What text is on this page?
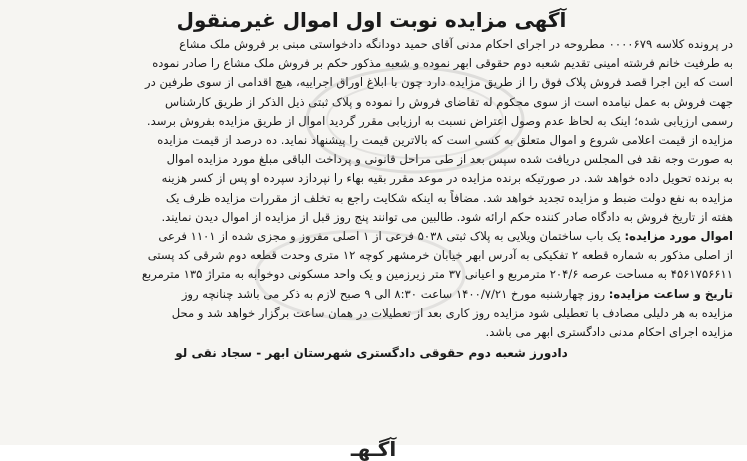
آگهی مزایده نوبت اول اموال غیرمنقول

در پرونده کلاسه ۰۰۰۰۶۷۹ مطروحه در اجرای احکام مدنی آقای حمید دودانگه دادخواستی مبنی بر فروش ملک مشاع

به طرفیت خانم فرشته امینی تقدیم شعبه دوم حقوقی ابهر نموده و شعبه مذکور حکم بر فروش ملک مشاع را صادر نموده

است که این اجرا قصد فروش پلاک فوق را از طریق مزایده دارد چون با ابلاغ اوراق اجراییه، هیچ اقدامی از سوی طرفین در

جهت فروش به عمل نیامده است از سوی محکوم له تقاضای فروش را نموده و پلاک ثبتی ذیل الذکر از طریق کارشناس

رسمی ارزیابی شده؛ اینک به لحاظ عدم وصول اعتراض نسبت به ارزیابی مقرر گردید اموال از طریق مزایده بفروش برسد.

مزایده از قیمت اعلامی شروع و اموال متعلق به کسی است که بالاترین قیمت را پیشنهاد نماید. ده درصد از قیمت مزایده

به صورت وجه نقد فی المجلس دریافت شده سپس بعد از طی مراحل قانونی و پرداخت الباقی مبلغ مورد مزایده اموال

به برنده تحویل داده خواهد شد. در صورتیکه برنده مزایده در موعد مقرر بقیه بهاء را نپردازد سپرده او پس از کسر هزینه

مزایده به نفع دولت ضبط و مزایده تجدید خواهد شد. مضافاً به اینکه شکایت راجع به تخلف از مقررات مزایده ظرف یک

هفته از تاریخ فروش به دادگاه صادر کننده حکم ارائه شود. طالبین می توانند پنج روز قبل از مزایده از اموال دیدن نمایند.

اموال مورد مزایده: یک باب ساختمان ویلایی به پلاک ثبتی ۵۰۳۸ فرعی از ۱ اصلی مفروز و مجزی شده از ۱۱۰۱ فرعی

از اصلی مذکور به شماره قطعه ۲ تفکیکی به آدرس ابهر خیابان خرمشهر کوچه ۱۲ متری وحدت قطعه دوم شرقی کد پستی

۴۵۶۱۷۵۶۶۱۱ به مساحت عرصه ۲۰۴/۶ مترمربع و اعیانی ۳۷ متر زیرزمین و یک واحد مسکونی دوخوابه به متراژ ۱۳۵ مترمربع

تاریخ و ساعت مزایده: روز چهارشنبه مورخ ۱۴۰۰/۷/۲۱ ساعت ۸:۳۰ الی ۹ صبح لازم به ذکر می باشد چنانچه روز

مزایده به هر دلیلی مصادف با تعطیلی شود مزایده روز کاری بعد از تعطیلات در همان ساعت برگزار خواهد شد و محل

مزایده اجرای احکام مدنی دادگستری ابهر می باشد.

دادورز شعبه دوم حقوقی دادگستری شهرستان ابهر - سجاد نقی لو
آگـهـ
